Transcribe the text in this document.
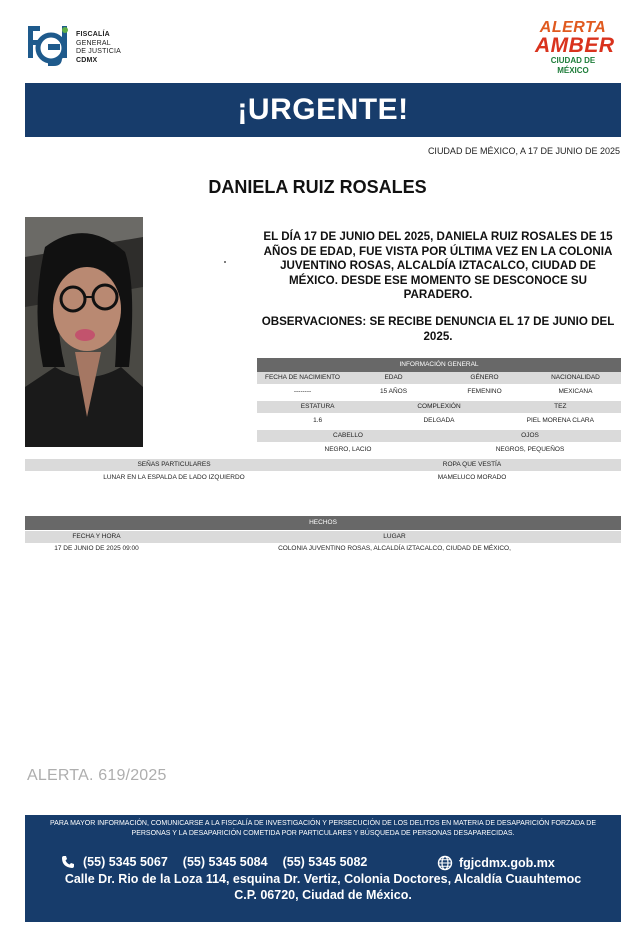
FISCALÍA
GENERAL
DE JUSTICIA
CDMX
ALERTA
AMBER
CIUDAD DE MÉXICO
¡URGENTE!
CIUDAD DE MÉXICO, A 17 DE JUNIO DE 2025
DANIELA RUIZ ROSALES
EL DÍA 17 DE JUNIO DEL 2025, DANIELA RUIZ ROSALES DE 15 AÑOS DE EDAD, FUE VISTA POR ÚLTIMA VEZ EN LA COLONIA JUVENTINO ROSAS, ALCALDÍA IZTACALCO, CIUDAD DE MÉXICO. DESDE ESE MOMENTO SE DESCONOCE SU PARADERO.
OBSERVACIONES: SE RECIBE DENUNCIA EL 17 DE JUNIO DEL 2025.
INFORMACIÓN GENERAL
FECHA DE NACIMIENTO	EDAD	GÉNERO	NACIONALIDAD
--------	15 AÑOS	FEMENINO	MEXICANA
ESTATURA	COMPLEXIÓN	TEZ
1.6	DELGADA	PIEL MORENA CLARA
CABELLO	OJOS
NEGRO, LACIO	NEGROS, PEQUEÑOS
SEÑAS PARTICULARES	ROPA QUE VESTÍA
LUNAR EN LA ESPALDA DE LADO IZQUIERDO	MAMELUCO MORADO
HECHOS
FECHA Y HORA	LUGAR
17 DE JUNIO DE 2025 09:00	COLONIA JUVENTINO ROSAS, ALCALDÍA IZTACALCO, CIUDAD DE MÉXICO,
ALERTA. 619/2025
PARA MAYOR INFORMACIÓN, COMUNICARSE A LA FISCALÍA DE INVESTIGACIÓN Y PERSECUCIÓN DE LOS DELITOS EN MATERIA DE DESAPARICIÓN FORZADA DE PERSONAS Y LA DESAPARICIÓN COMETIDA POR PARTICULARES Y BÚSQUEDA DE PERSONAS DESAPARECIDAS.
(55) 5345 5067 (55) 5345 5084 (55) 5345 5082	fgjcdmx.gob.mx
Calle Dr. Rio de la Loza 114, esquina Dr. Vertiz, Colonia Doctores, Alcaldía Cuauhtemoc
C.P. 06720, Ciudad de México.
